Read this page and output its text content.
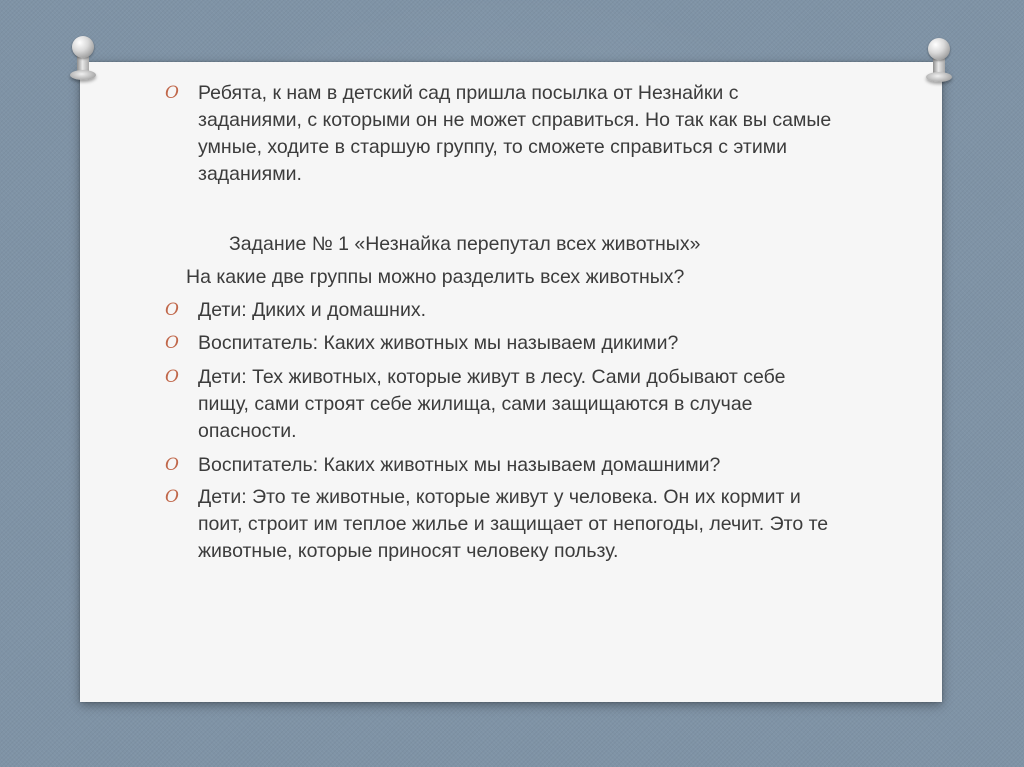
O Ребята, к нам в детский сад пришла посылка от Незнайки с заданиями, с которыми он не может справиться. Но так как вы самые умные, ходите в старшую группу, то сможете справиться с этими заданиями.

Задание № 1 «Незнайка перепутал всех животных»

На какие две группы можно разделить всех животных?

O Дети: Диких и домашних.
O Воспитатель: Каких животных мы называем дикими?
O Дети: Тех животных, которые живут в лесу. Сами добывают себе пищу, сами строят себе жилища, сами защищаются в случае опасности.
O Воспитатель: Каких животных мы называем домашними?
O Дети: Это те животные, которые живут у человека. Он их кормит и поит, строит им теплое жилье и защищает от непогоды, лечит. Это те животные, которые приносят человеку пользу.
